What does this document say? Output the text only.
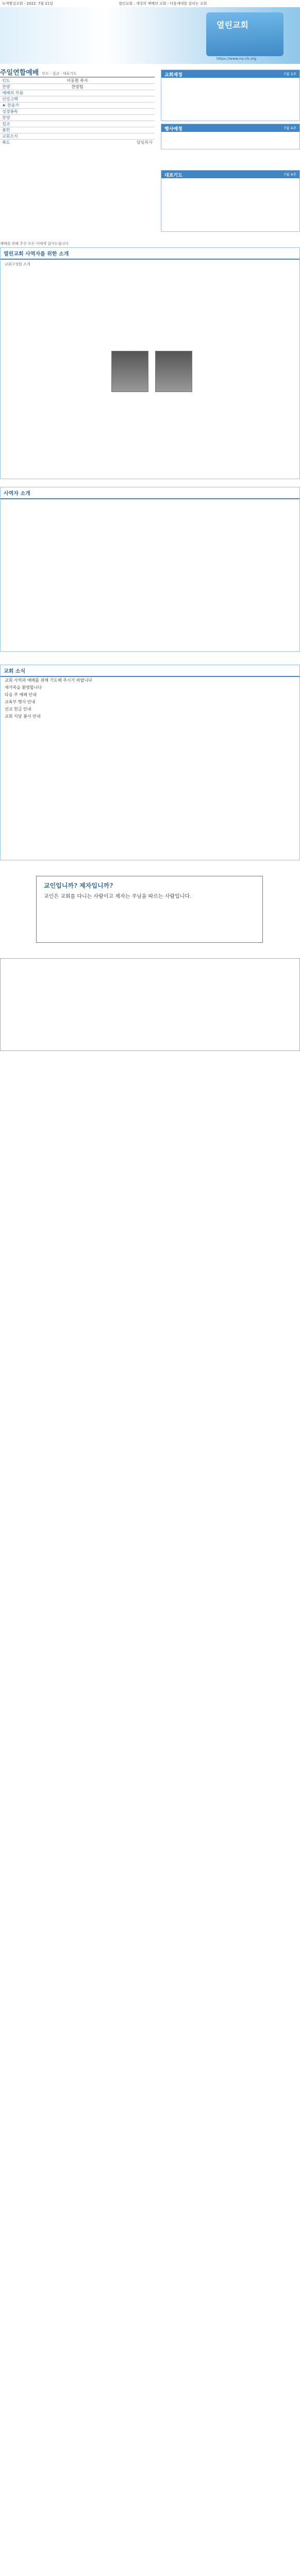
녹색쌓김교회 - 2022. 7월 21일	열린교회 : 세상의 예배의 교회 - 다음세대를 살리는 교회
열린교회
https://www.nu-ch.org
주일연합예배 인도 · 설교 · 대표기도
인도	이동현 목사	
찬양	찬양팀	
예배의 부름		
신앙고백		
★ 찬송가		
성경봉독		
찬양		
설교		
봉헌		
교회소식		
축도		담임목사
교회재정	7월 3주
행사예정	7월 4주
대표기도	7월 4주
예배를 위해 주신 모든 이에게 감사드립니다
열린교회 사역자를 위한 소개
교회구성원 소개
사역자 소개
교회 소식
교회 사역과 예배를 위해 기도해 주시기 바랍니다
새가족을 환영합니다
다음 주 예배 안내
교육부 행사 안내
선교 헌금 안내
교회 식당 봉사 안내
교인입니까? 제자입니까?
교인은 교회를 다니는 사람이고 제자는 주님을 따르는 사람입니다.
